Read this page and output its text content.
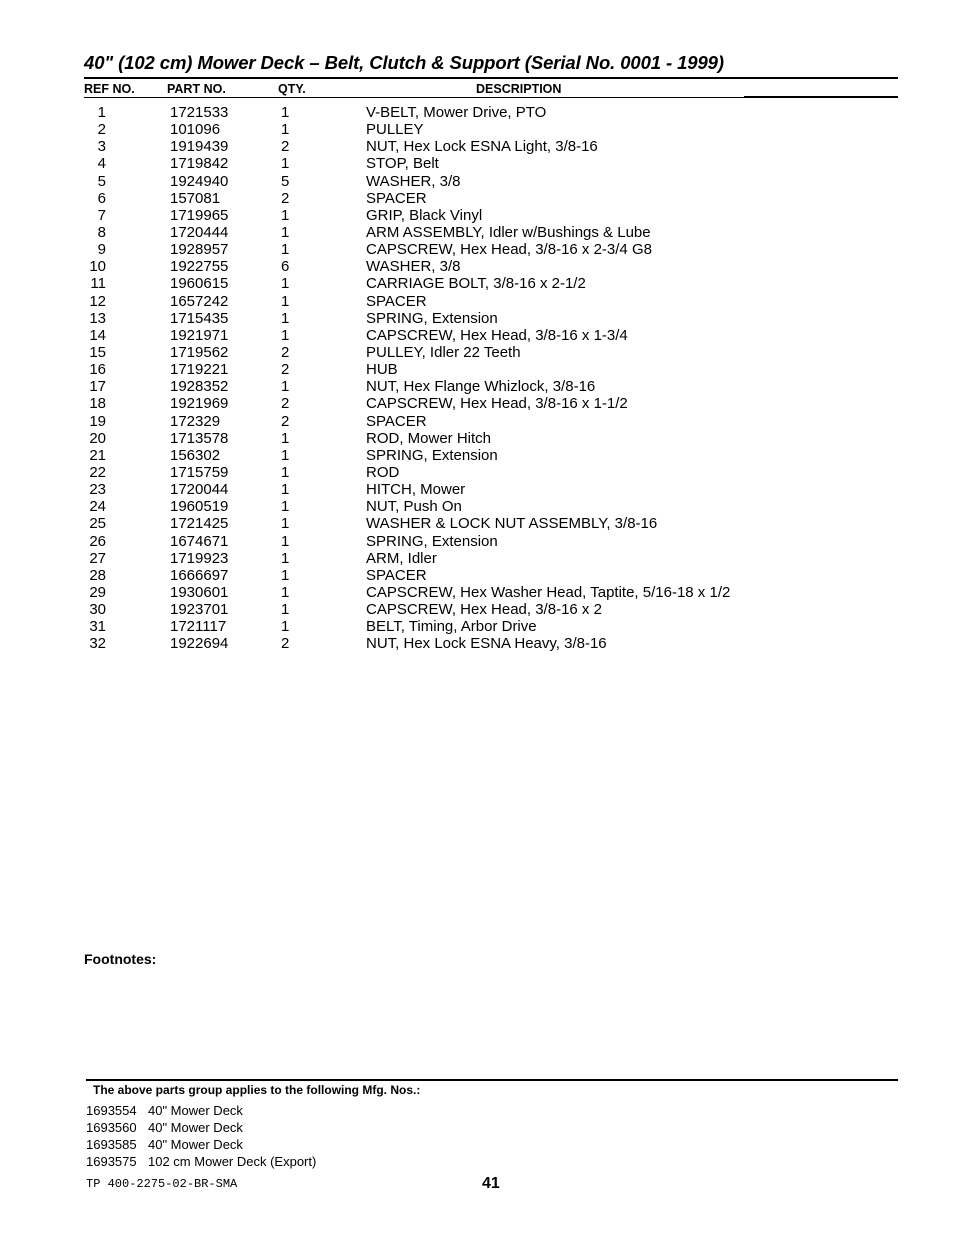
40" (102 cm) Mower Deck – Belt, Clutch & Support (Serial No. 0001 - 1999)
REF NO.	PART NO.	QTY.	DESCRIPTION
1	1721533	1	V-BELT, Mower Drive, PTO
2	101096	1	PULLEY
3	1919439	2	NUT, Hex Lock ESNA Light, 3/8-16
4	1719842	1	STOP, Belt
5	1924940	5	WASHER, 3/8
6	157081	2	SPACER
7	1719965	1	GRIP, Black Vinyl
8	1720444	1	ARM ASSEMBLY, Idler w/Bushings & Lube
9	1928957	1	CAPSCREW, Hex Head, 3/8-16 x 2-3/4 G8
10	1922755	6	WASHER, 3/8
11	1960615	1	CARRIAGE BOLT, 3/8-16 x 2-1/2
12	1657242	1	SPACER
13	1715435	1	SPRING, Extension
14	1921971	1	CAPSCREW, Hex Head, 3/8-16 x 1-3/4
15	1719562	2	PULLEY, Idler 22 Teeth
16	1719221	2	HUB
17	1928352	1	NUT, Hex Flange Whizlock, 3/8-16
18	1921969	2	CAPSCREW, Hex Head, 3/8-16 x 1-1/2
19	172329	2	SPACER
20	1713578	1	ROD, Mower Hitch
21	156302	1	SPRING, Extension
22	1715759	1	ROD
23	1720044	1	HITCH, Mower
24	1960519	1	NUT, Push On
25	1721425	1	WASHER & LOCK NUT ASSEMBLY, 3/8-16
26	1674671	1	SPRING, Extension
27	1719923	1	ARM, Idler
28	1666697	1	SPACER
29	1930601	1	CAPSCREW, Hex Washer Head, Taptite, 5/16-18 x 1/2
30	1923701	1	CAPSCREW, Hex Head, 3/8-16 x 2
31	1721117	1	BELT, Timing, Arbor Drive
32	1922694	2	NUT, Hex Lock ESNA Heavy, 3/8-16
Footnotes:
The above parts group applies to the following Mfg. Nos.:
1693554 40" Mower Deck
1693560 40" Mower Deck
1693585 40" Mower Deck
1693575 102 cm Mower Deck (Export)
TP 400-2275-02-BR-SMA	41
